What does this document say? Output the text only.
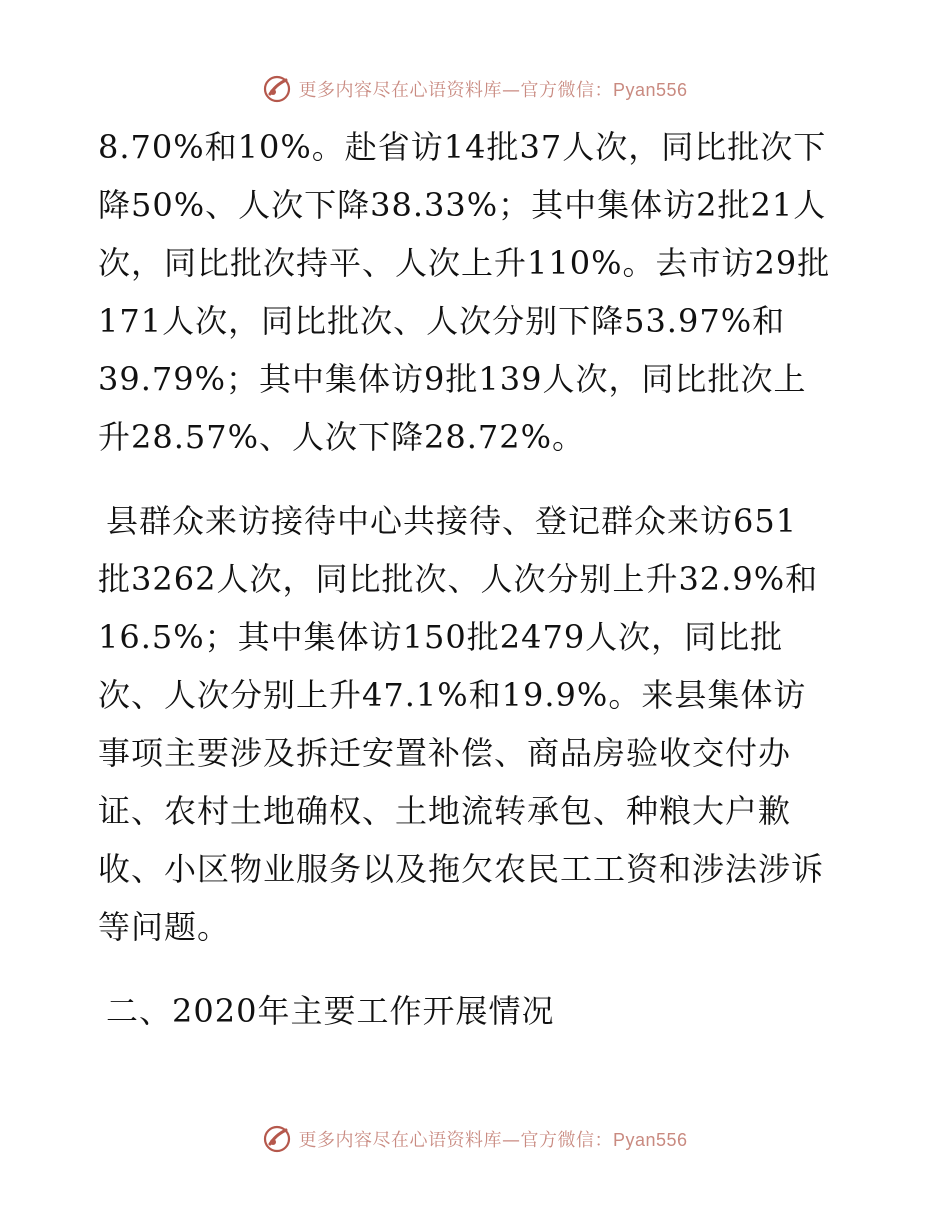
更多内容尽在心语资料库—官方微信：Pyan556
8.70%和10%。赴省访14批37人次，同比批次下
降50%、人次下降38.33%；其中集体访2批21人
次，同比批次持平、人次上升110%。去市访29批
171人次，同比批次、人次分别下降53.97%和
39.79%；其中集体访9批139人次，同比批次上
升28.57%、人次下降28.72%。
县群众来访接待中心共接待、登记群众来访651
批3262人次，同比批次、人次分别上升32.9%和
16.5%；其中集体访150批2479人次，同比批
次、人次分别上升47.1%和19.9%。来县集体访
事项主要涉及拆迁安置补偿、商品房验收交付办
证、农村土地确权、土地流转承包、种粮大户歉
收、小区物业服务以及拖欠农民工工资和涉法涉诉
等问题。
二、2020年主要工作开展情况
更多内容尽在心语资料库—官方微信：Pyan556
